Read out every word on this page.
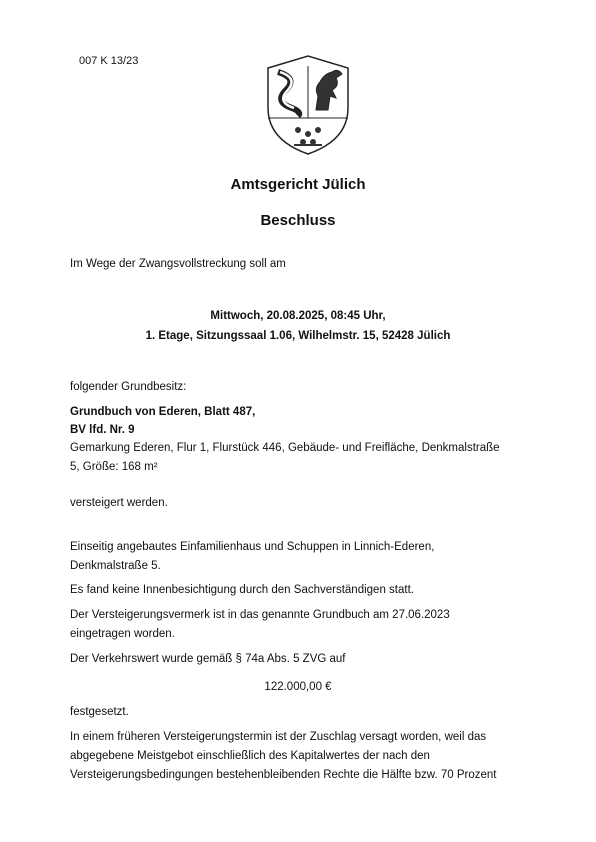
007 K 13/23
Amtsgericht Jülich
Beschluss
Im Wege der Zwangsvollstreckung soll am
Mittwoch, 20.08.2025, 08:45 Uhr,
1. Etage, Sitzungssaal 1.06, Wilhelmstr. 15, 52428 Jülich
folgender Grundbesitz:
Grundbuch von Ederen, Blatt 487,
BV lfd. Nr. 9
Gemarkung Ederen, Flur 1, Flurstück 446, Gebäude- und Freifläche, Denkmalstraße
5, Größe: 168 m²
versteigert werden.
Einseitig angebautes Einfamilienhaus und Schuppen in Linnich-Ederen,
Denkmalstraße 5.
Es fand keine Innenbesichtigung durch den Sachverständigen statt.
Der Versteigerungsvermerk ist in das genannte Grundbuch am 27.06.2023
eingetragen worden.
Der Verkehrswert wurde gemäß § 74a Abs. 5 ZVG auf
122.000,00 €
festgesetzt.
In einem früheren Versteigerungstermin ist der Zuschlag versagt worden, weil das
abgegebene Meistgebot einschließlich des Kapitalwertes der nach den
Versteigerungsbedingungen bestehenbleibenden Rechte die Hälfte bzw. 70 Prozent
